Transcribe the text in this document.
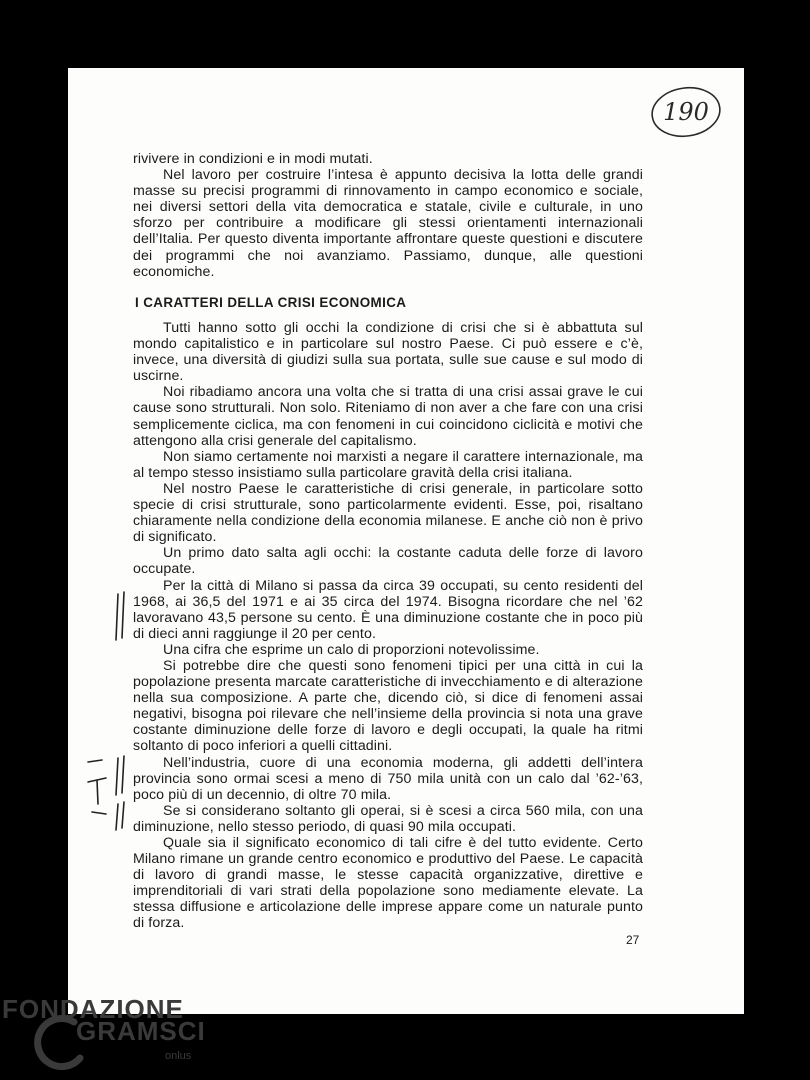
190

rivivere in condizioni e in modi mutati.

Nel lavoro per costruire l’intesa è appunto decisiva la lotta delle grandi masse su precisi programmi di rinnovamento in campo economico e sociale, nei diversi settori della vita democratica e statale, civile e culturale, in uno sforzo per contribuire a modificare gli stessi orientamenti internazionali dell’Italia. Per questo diventa importante affrontare queste questioni e discutere dei programmi che noi avanziamo. Passiamo, dunque, alle questioni economiche.

I CARATTERI DELLA CRISI ECONOMICA

Tutti hanno sotto gli occhi la condizione di crisi che si è abbattuta sul mondo capitalistico e in particolare sul nostro Paese. Ci può essere e c’è, invece, una diversità di giudizi sulla sua portata, sulle sue cause e sul modo di uscirne.

Noi ribadiamo ancora una volta che si tratta di una crisi assai grave le cui cause sono strutturali. Non solo. Riteniamo di non aver a che fare con una crisi semplicemente ciclica, ma con fenomeni in cui coincidono ciclicità e motivi che attengono alla crisi generale del capitalismo.

Non siamo certamente noi marxisti a negare il carattere internazionale, ma al tempo stesso insistiamo sulla particolare gravità della crisi italiana.

Nel nostro Paese le caratteristiche di crisi generale, in particolare sotto specie di crisi strutturale, sono particolarmente evidenti. Esse, poi, risaltano chiaramente nella condizione della economia milanese. E anche ciò non è privo di significato.

Un primo dato salta agli occhi: la costante caduta delle forze di lavoro occupate.

Per la città di Milano si passa da circa 39 occupati, su cento residenti del 1968, ai 36,5 del 1971 e ai 35 circa del 1974. Bisogna ricordare che nel ’62 lavoravano 43,5 persone su cento. È una diminuzione costante che in poco più di dieci anni raggiunge il 20 per cento.

Una cifra che esprime un calo di proporzioni notevolissime.

Si potrebbe dire che questi sono fenomeni tipici per una città in cui la popolazione presenta marcate caratteristiche di invecchiamento e di alterazione nella sua composizione. A parte che, dicendo ciò, si dice di fenomeni assai negativi, bisogna poi rilevare che nell’insieme della provincia si nota una grave costante diminuzione delle forze di lavoro e degli occupati, la quale ha ritmi soltanto di poco inferiori a quelli cittadini.

Nell’industria, cuore di una economia moderna, gli addetti dell’intera provincia sono ormai scesi a meno di 750 mila unità con un calo dal ’62-’63, poco più di un decennio, di oltre 70 mila.

Se si considerano soltanto gli operai, si è scesi a circa 560 mila, con una diminuzione, nello stesso periodo, di quasi 90 mila occupati.

Quale sia il significato economico di tali cifre è del tutto evidente. Certo Milano rimane un grande centro economico e produttivo del Paese. Le capacità di lavoro di grandi masse, le stesse capacità organizzative, direttive e imprenditoriali di vari strati della popolazione sono mediamente elevate. La stessa diffusione e articolazione delle imprese appare come un naturale punto di forza.

27
FONDAZIONE
GRAMSCI
onlus
